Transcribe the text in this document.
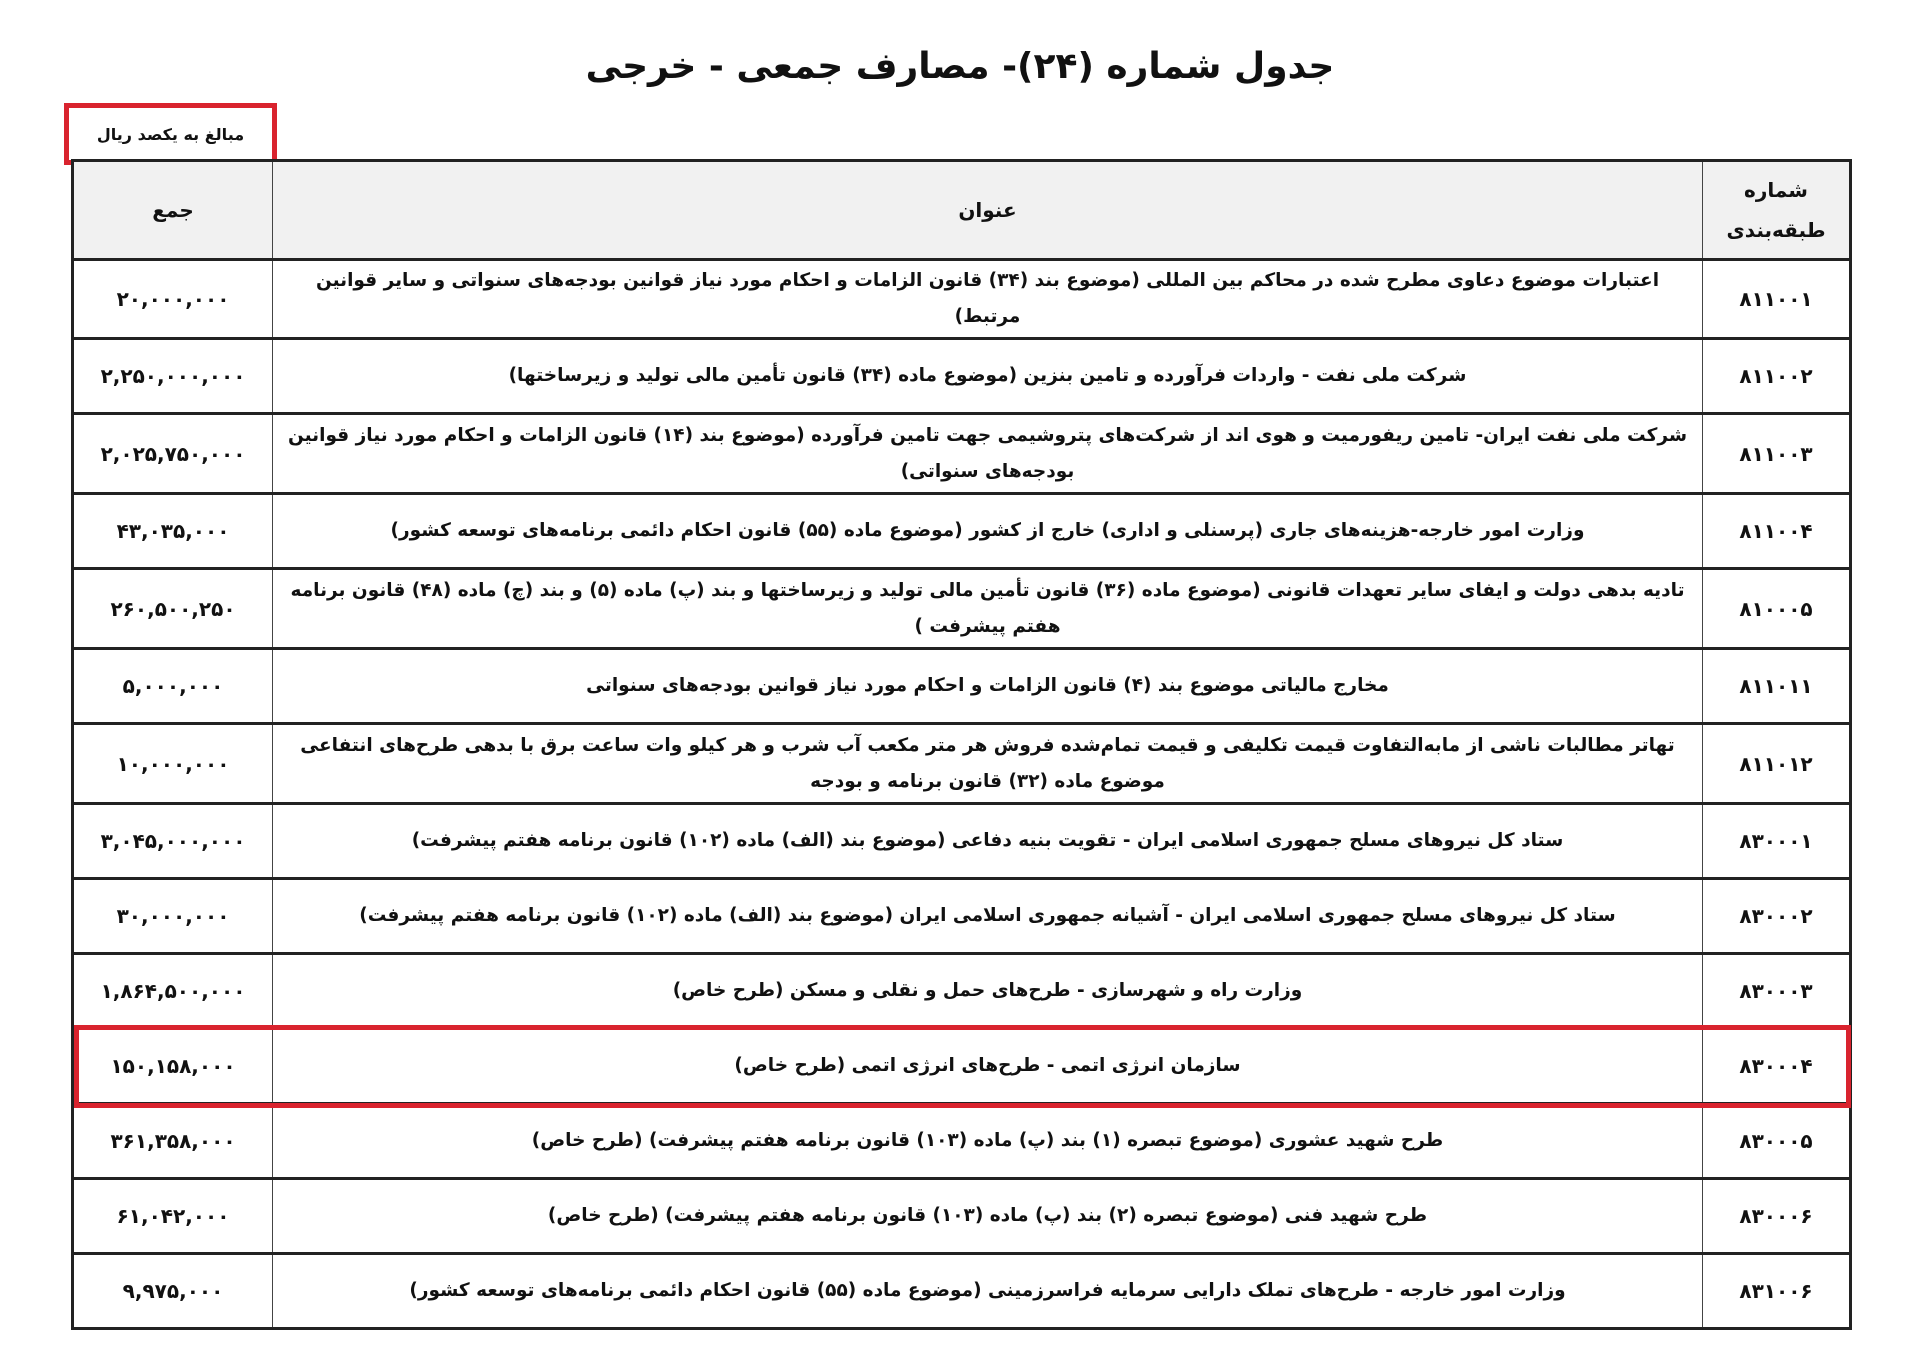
جدول شماره (۲۴)- مصارف جمعی - خرجی
مبالغ به یکصد ریال
شماره طبقه‌بندی	عنوان	جمع
۸۱۱۰۰۱	اعتبارات موضوع دعاوی مطرح شده در محاکم بین المللی (موضوع بند (۳۴) قانون الزامات و احکام مورد نیاز قوانین بودجه‌های سنواتی و سایر قوانین مرتبط)	۲۰,۰۰۰,۰۰۰
۸۱۱۰۰۲	شرکت ملی نفت - واردات فرآورده و تامین بنزین (موضوع ماده (۳۴) قانون تأمین مالی تولید و زیرساختها)	۲,۲۵۰,۰۰۰,۰۰۰
۸۱۱۰۰۳	شرکت ملی نفت ایران- تامین ریفورمیت و هوی اند از شرکت‌های پتروشیمی جهت تامین فرآورده (موضوع بند (۱۴) قانون الزامات و احکام مورد نیاز قوانین بودجه‌های سنواتی)	۲,۰۲۵,۷۵۰,۰۰۰
۸۱۱۰۰۴	وزارت امور خارجه-هزینه‌های جاری (پرسنلی و اداری) خارج از کشور (موضوع ماده (۵۵) قانون احکام دائمی برنامه‌های توسعه کشور)	۴۳,۰۳۵,۰۰۰
۸۱۰۰۰۵	تادیه بدهی دولت و ایفای سایر تعهدات قانونی (موضوع ماده (۳۶) قانون تأمین مالی تولید و زیرساختها و بند (پ) ماده (۵) و بند (چ) ماده (۴۸) قانون برنامه هفتم پیشرفت )	۲۶۰,۵۰۰,۲۵۰
۸۱۱۰۱۱	مخارج مالیاتی موضوع بند (۴) قانون الزامات و احکام مورد نیاز قوانین بودجه‌های سنواتی	۵,۰۰۰,۰۰۰
۸۱۱۰۱۲	تهاتر مطالبات ناشی از مابه‌التفاوت قیمت تکلیفی و قیمت تمام‌شده فروش هر متر مکعب آب شرب و هر کیلو وات ساعت برق با بدهی طرح‌های انتفاعی موضوع ماده (۳۲) قانون برنامه و بودجه	۱۰,۰۰۰,۰۰۰
۸۳۰۰۰۱	ستاد کل نیروهای مسلح جمهوری اسلامی ایران - تقویت بنیه دفاعی (موضوع بند (الف) ماده (۱۰۲) قانون برنامه هفتم پیشرفت)	۳,۰۴۵,۰۰۰,۰۰۰
۸۳۰۰۰۲	ستاد کل نیروهای مسلح جمهوری اسلامی ایران - آشیانه جمهوری اسلامی ایران (موضوع بند (الف) ماده (۱۰۲) قانون برنامه هفتم پیشرفت)	۳۰,۰۰۰,۰۰۰
۸۳۰۰۰۳	وزارت راه و شهرسازی - طرح‌های حمل و نقلی و مسکن (طرح خاص)	۱,۸۶۴,۵۰۰,۰۰۰
۸۳۰۰۰۴	سازمان انرژی اتمی - طرح‌های انرژی اتمی (طرح خاص)	۱۵۰,۱۵۸,۰۰۰
۸۳۰۰۰۵	طرح شهید عشوری (موضوع تبصره (۱) بند (پ) ماده (۱۰۳) قانون برنامه هفتم پیشرفت) (طرح خاص)	۳۶۱,۳۵۸,۰۰۰
۸۳۰۰۰۶	طرح شهید فنی (موضوع تبصره (۲) بند (پ) ماده (۱۰۳) قانون برنامه هفتم پیشرفت) (طرح خاص)	۶۱,۰۴۲,۰۰۰
۸۳۱۰۰۶	وزارت امور خارجه - طرح‌های تملک دارایی سرمایه فراسرزمینی (موضوع ماده (۵۵) قانون احکام دائمی برنامه‌های توسعه کشور)	۹,۹۷۵,۰۰۰
